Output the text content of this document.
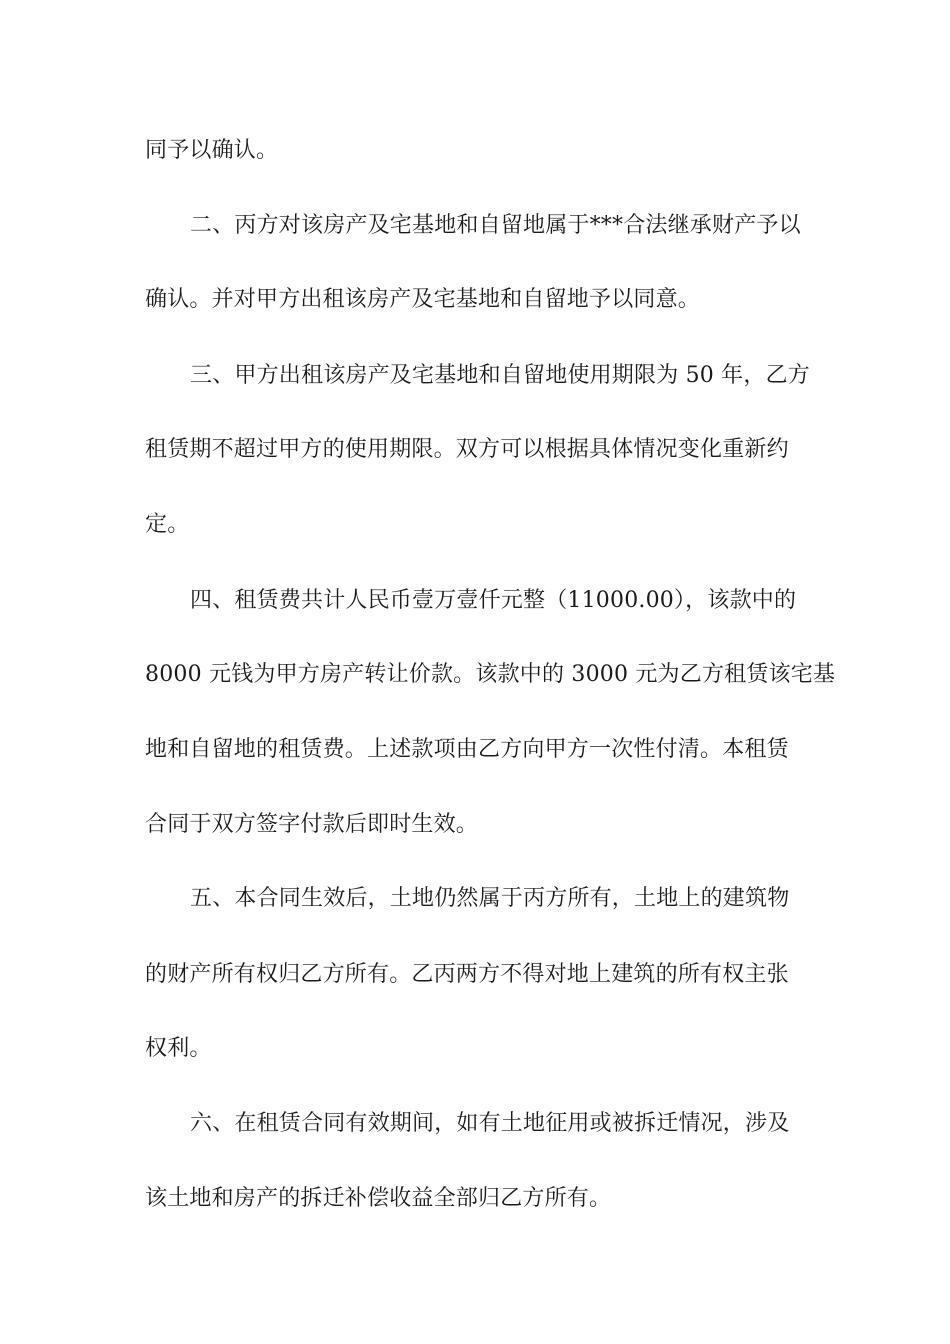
同予以确认。
二、丙方对该房产及宅基地和自留地属于***合法继承财产予以
确认。并对甲方出租该房产及宅基地和自留地予以同意。
三、甲方出租该房产及宅基地和自留地使用期限为 50 年，乙方
租赁期不超过甲方的使用期限。双方可以根据具体情况变化重新约
定。
四、租赁费共计人民币壹万壹仟元整（11000.00），该款中的
8000 元钱为甲方房产转让价款。该款中的 3000 元为乙方租赁该宅基
地和自留地的租赁费。上述款项由乙方向甲方一次性付清。本租赁
合同于双方签字付款后即时生效。
五、本合同生效后，土地仍然属于丙方所有，土地上的建筑物
的财产所有权归乙方所有。乙丙两方不得对地上建筑的所有权主张
权利。
六、在租赁合同有效期间，如有土地征用或被拆迁情况，涉及
该土地和房产的拆迁补偿收益全部归乙方所有。
